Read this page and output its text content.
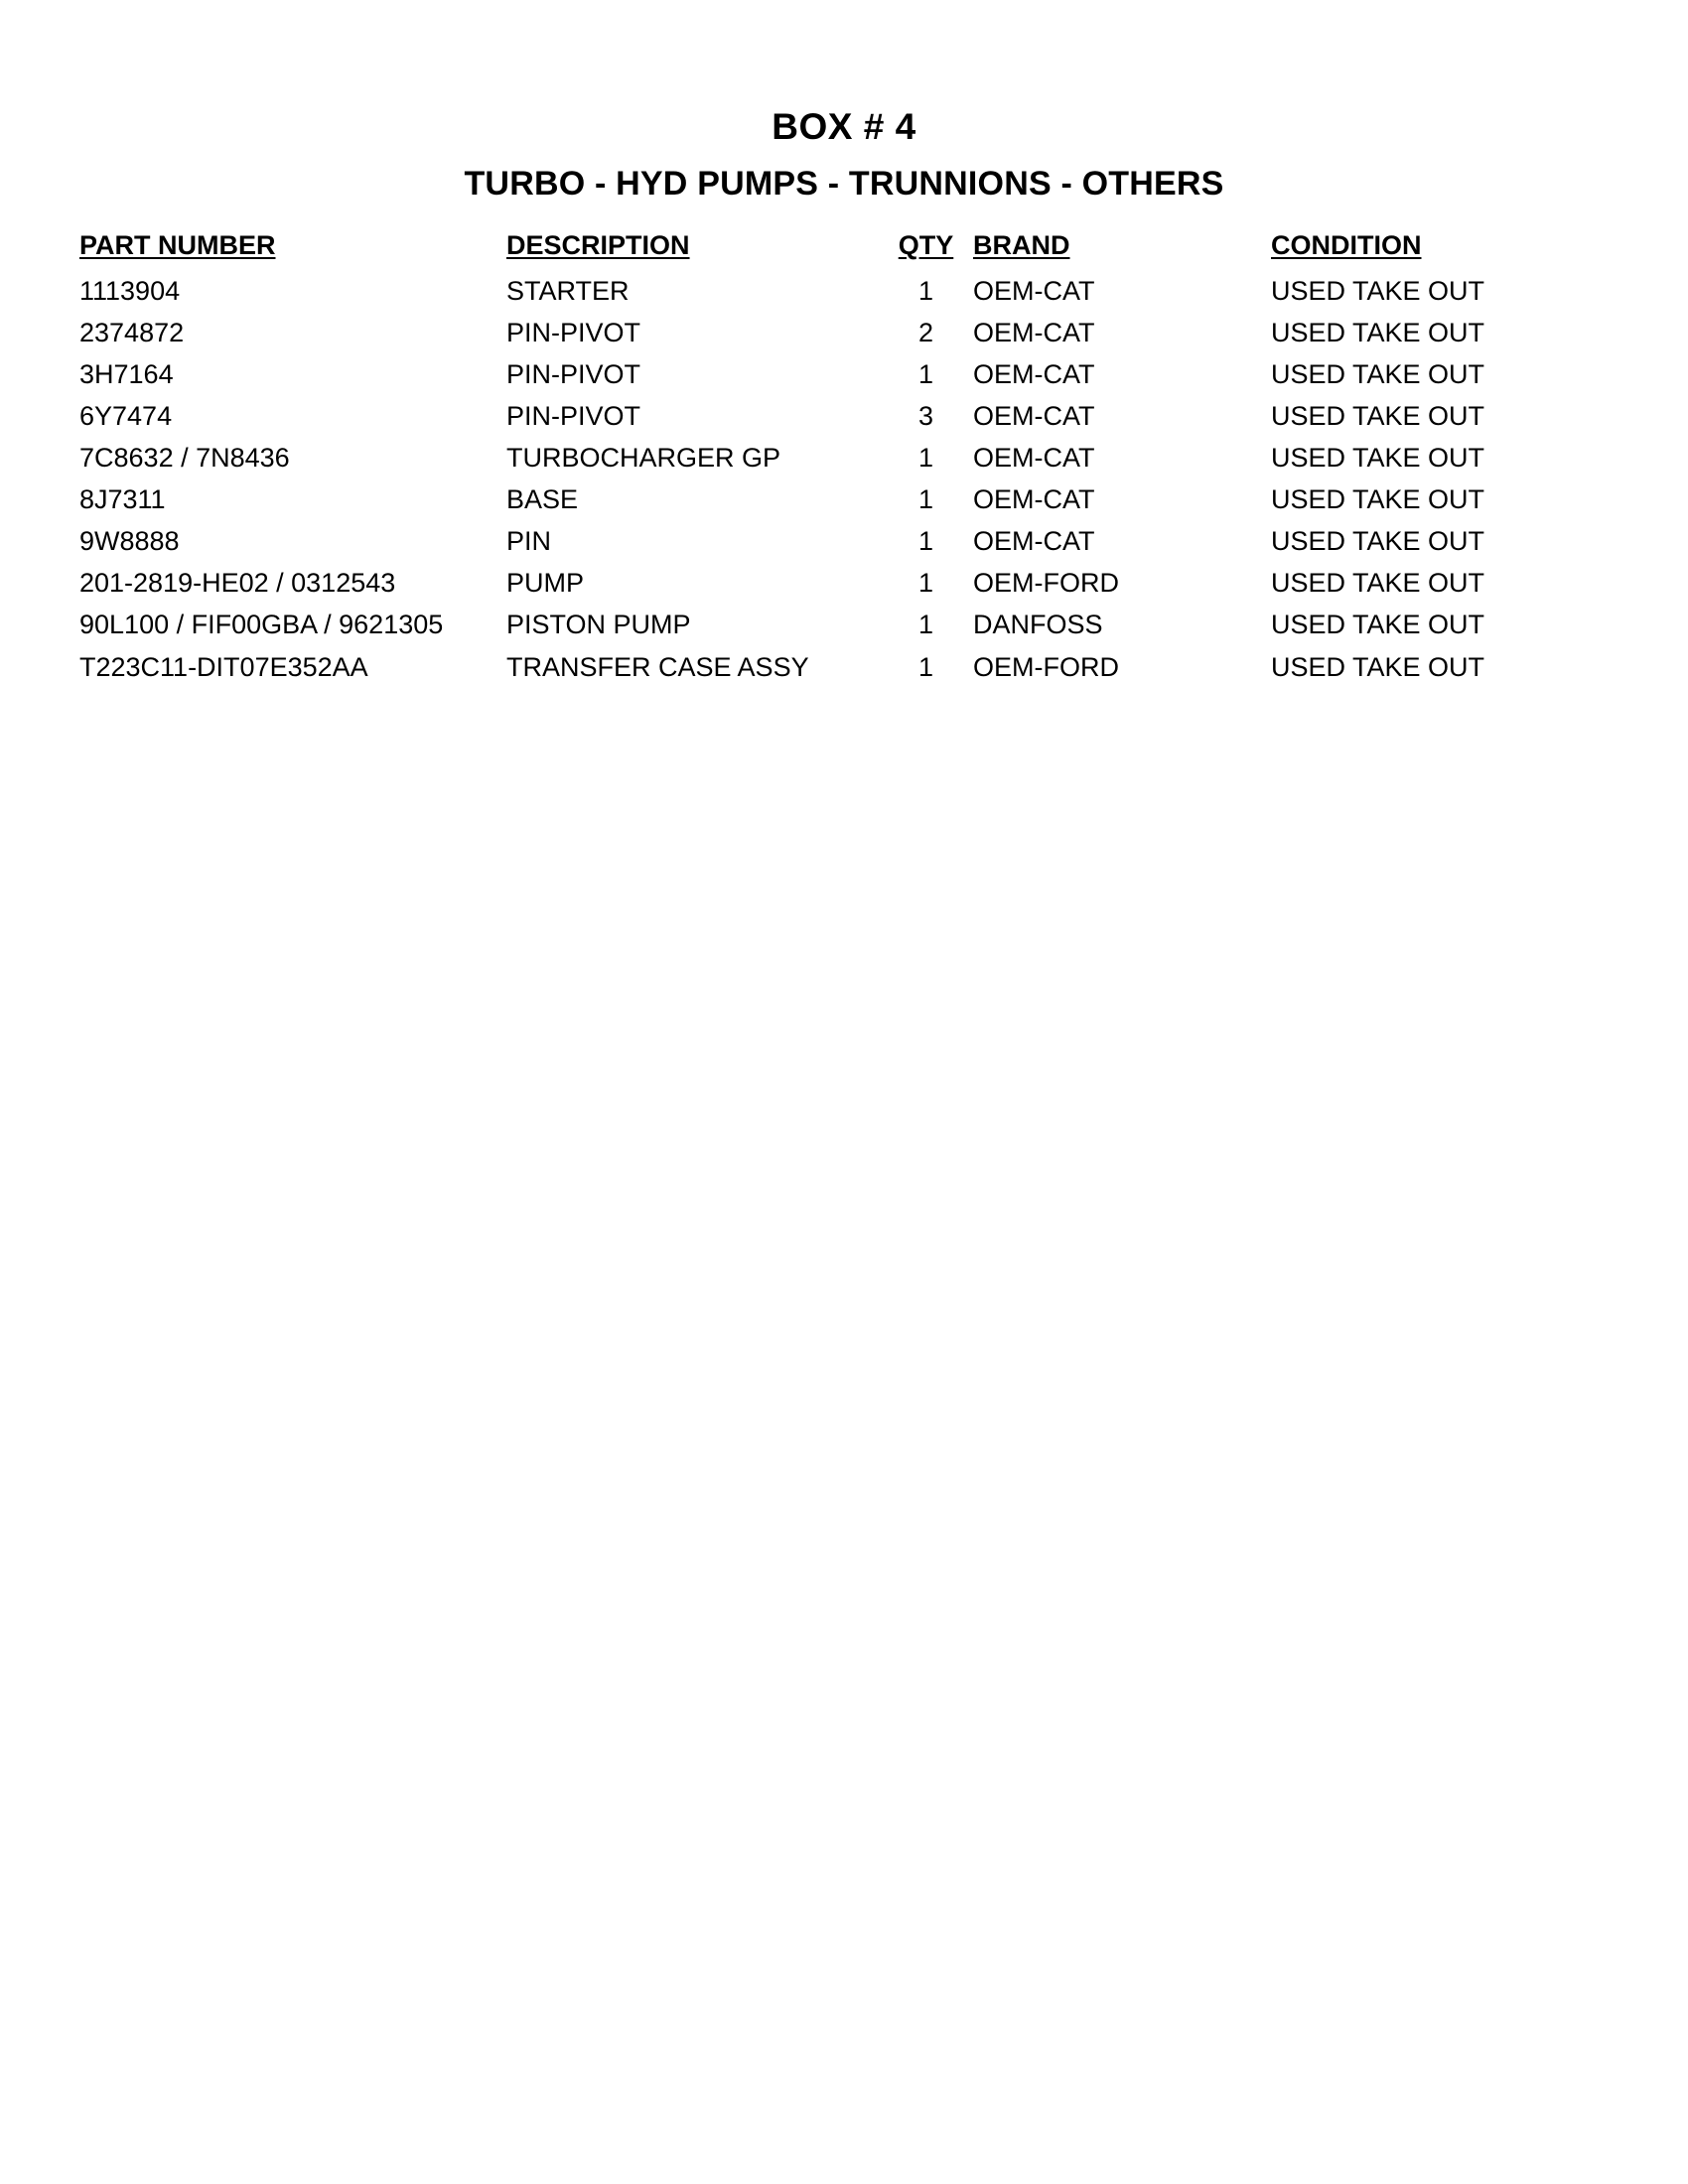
BOX # 4
TURBO - HYD PUMPS - TRUNNIONS - OTHERS
PART NUMBER	DESCRIPTION	QTY	BRAND	CONDITION
1113904	STARTER	1	OEM-CAT	USED TAKE OUT
2374872	PIN-PIVOT	2	OEM-CAT	USED TAKE OUT
3H7164	PIN-PIVOT	1	OEM-CAT	USED TAKE OUT
6Y7474	PIN-PIVOT	3	OEM-CAT	USED TAKE OUT
7C8632 / 7N8436	TURBOCHARGER GP	1	OEM-CAT	USED TAKE OUT
8J7311	BASE	1	OEM-CAT	USED TAKE OUT
9W8888	PIN	1	OEM-CAT	USED TAKE OUT
201-2819-HE02 / 0312543	PUMP	1	OEM-FORD	USED TAKE OUT
90L100 / FIF00GBA / 9621305	PISTON PUMP	1	DANFOSS	USED TAKE OUT
T223C11-DIT07E352AA	TRANSFER CASE ASSY	1	OEM-FORD	USED TAKE OUT
